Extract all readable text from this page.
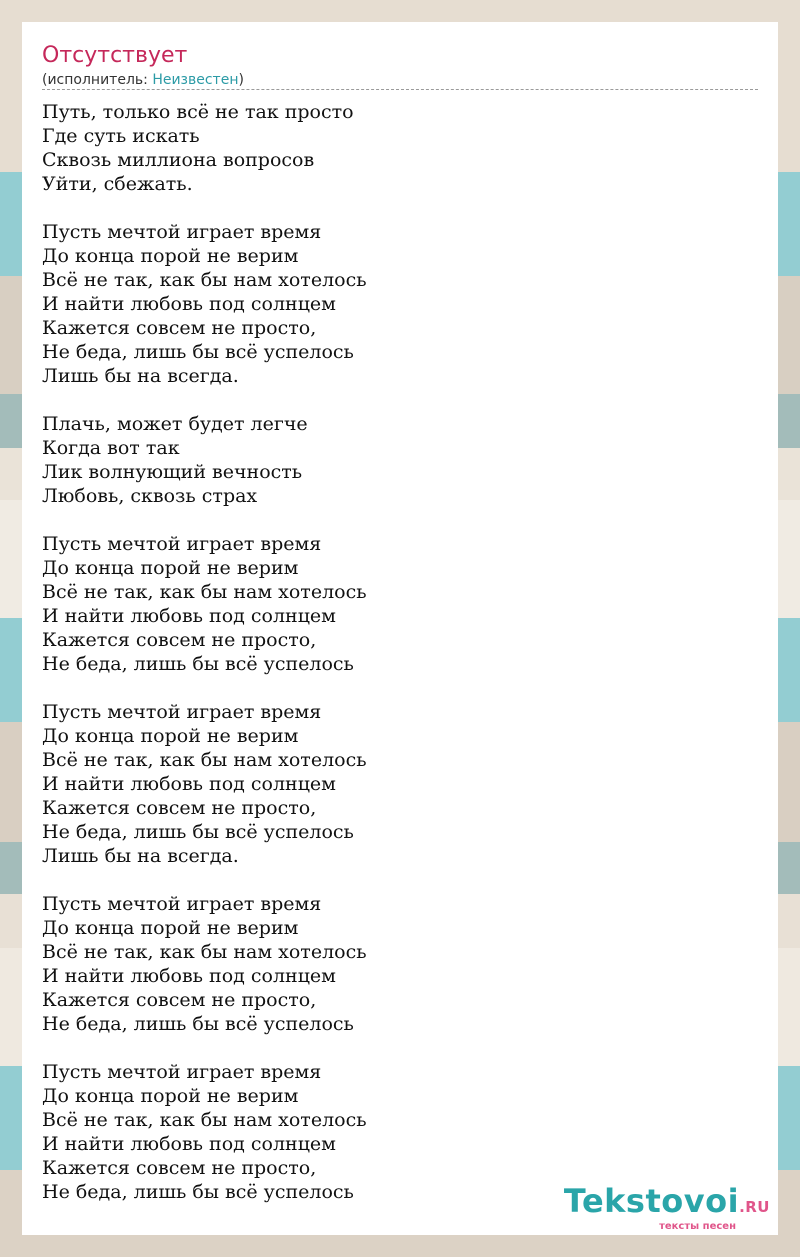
Отсутствует
(исполнитель: Неизвестен)
Путь, только всё не так просто
Где суть искать
Сквозь миллиона вопросов
Уйти, сбежать.
Пусть мечтой играет время
До конца порой не верим
Всё не так, как бы нам хотелось
И найти любовь под солнцем
Кажется совсем не просто,
Не беда, лишь бы всё успелось
Лишь бы на всегда.
Плачь, может будет легче
Когда вот так
Лик волнующий вечность
Любовь, сквозь страх
Пусть мечтой играет время
До конца порой не верим
Всё не так, как бы нам хотелось
И найти любовь под солнцем
Кажется совсем не просто,
Не беда, лишь бы всё успелось
Пусть мечтой играет время
До конца порой не верим
Всё не так, как бы нам хотелось
И найти любовь под солнцем
Кажется совсем не просто,
Не беда, лишь бы всё успелось
Лишь бы на всегда.
Пусть мечтой играет время
До конца порой не верим
Всё не так, как бы нам хотелось
И найти любовь под солнцем
Кажется совсем не просто,
Не беда, лишь бы всё успелось
Пусть мечтой играет время
До конца порой не верим
Всё не так, как бы нам хотелось
И найти любовь под солнцем
Кажется совсем не просто,
Не беда, лишь бы всё успелось	Tekstovoi.RU
тексты песен
